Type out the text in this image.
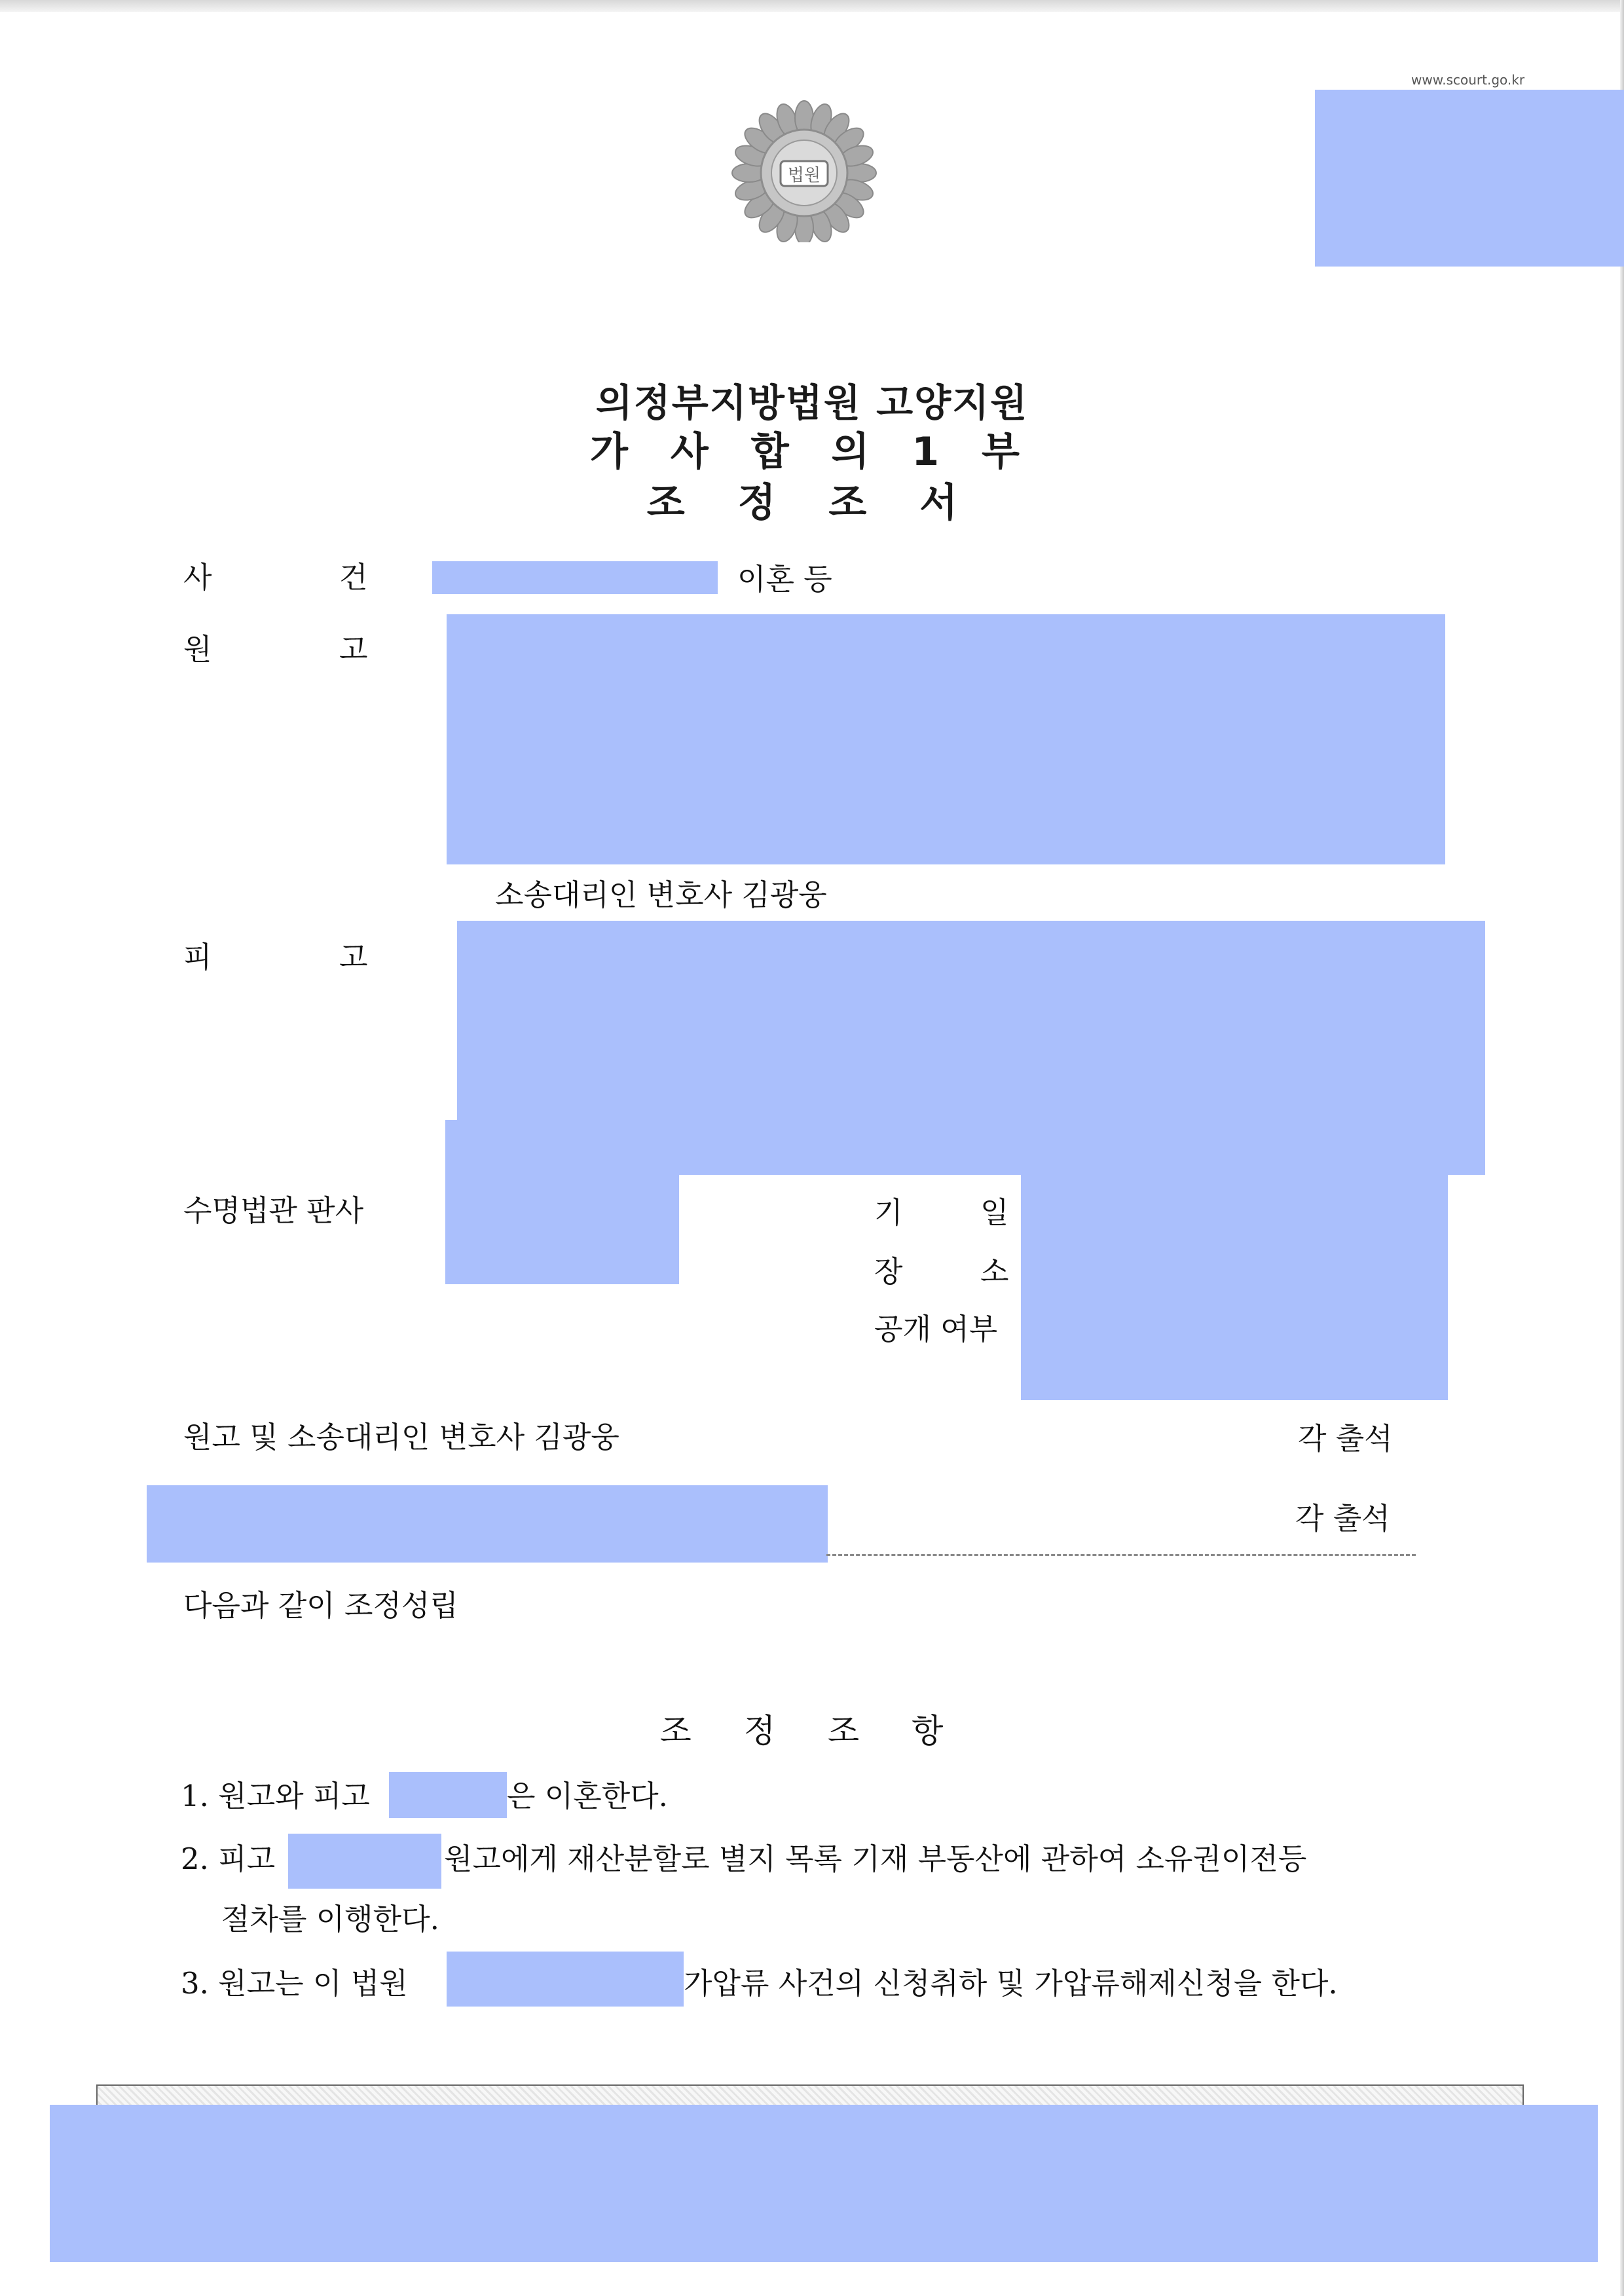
www.scourt.go.kr
법원
의정부지방법원 고양지원
가 사 합 의 1 부
조 정 조 서
사	건	이혼 등
원	고
소송대리인 변호사 김광웅
피	고
수명법관 판사	기	일
장	소
공개 여부
원고 및 소송대리인 변호사 김광웅	각 출석
각 출석
다음과 같이 조정성립
조 정 조 항
1. 원고와 피고	은 이혼한다.
2. 피고	원고에게 재산분할로 별지 목록 기재 부동산에 관하여 소유권이전등
절차를 이행한다.
3. 원고는 이 법원	가압류 사건의 신청취하 및 가압류해제신청을 한다.
